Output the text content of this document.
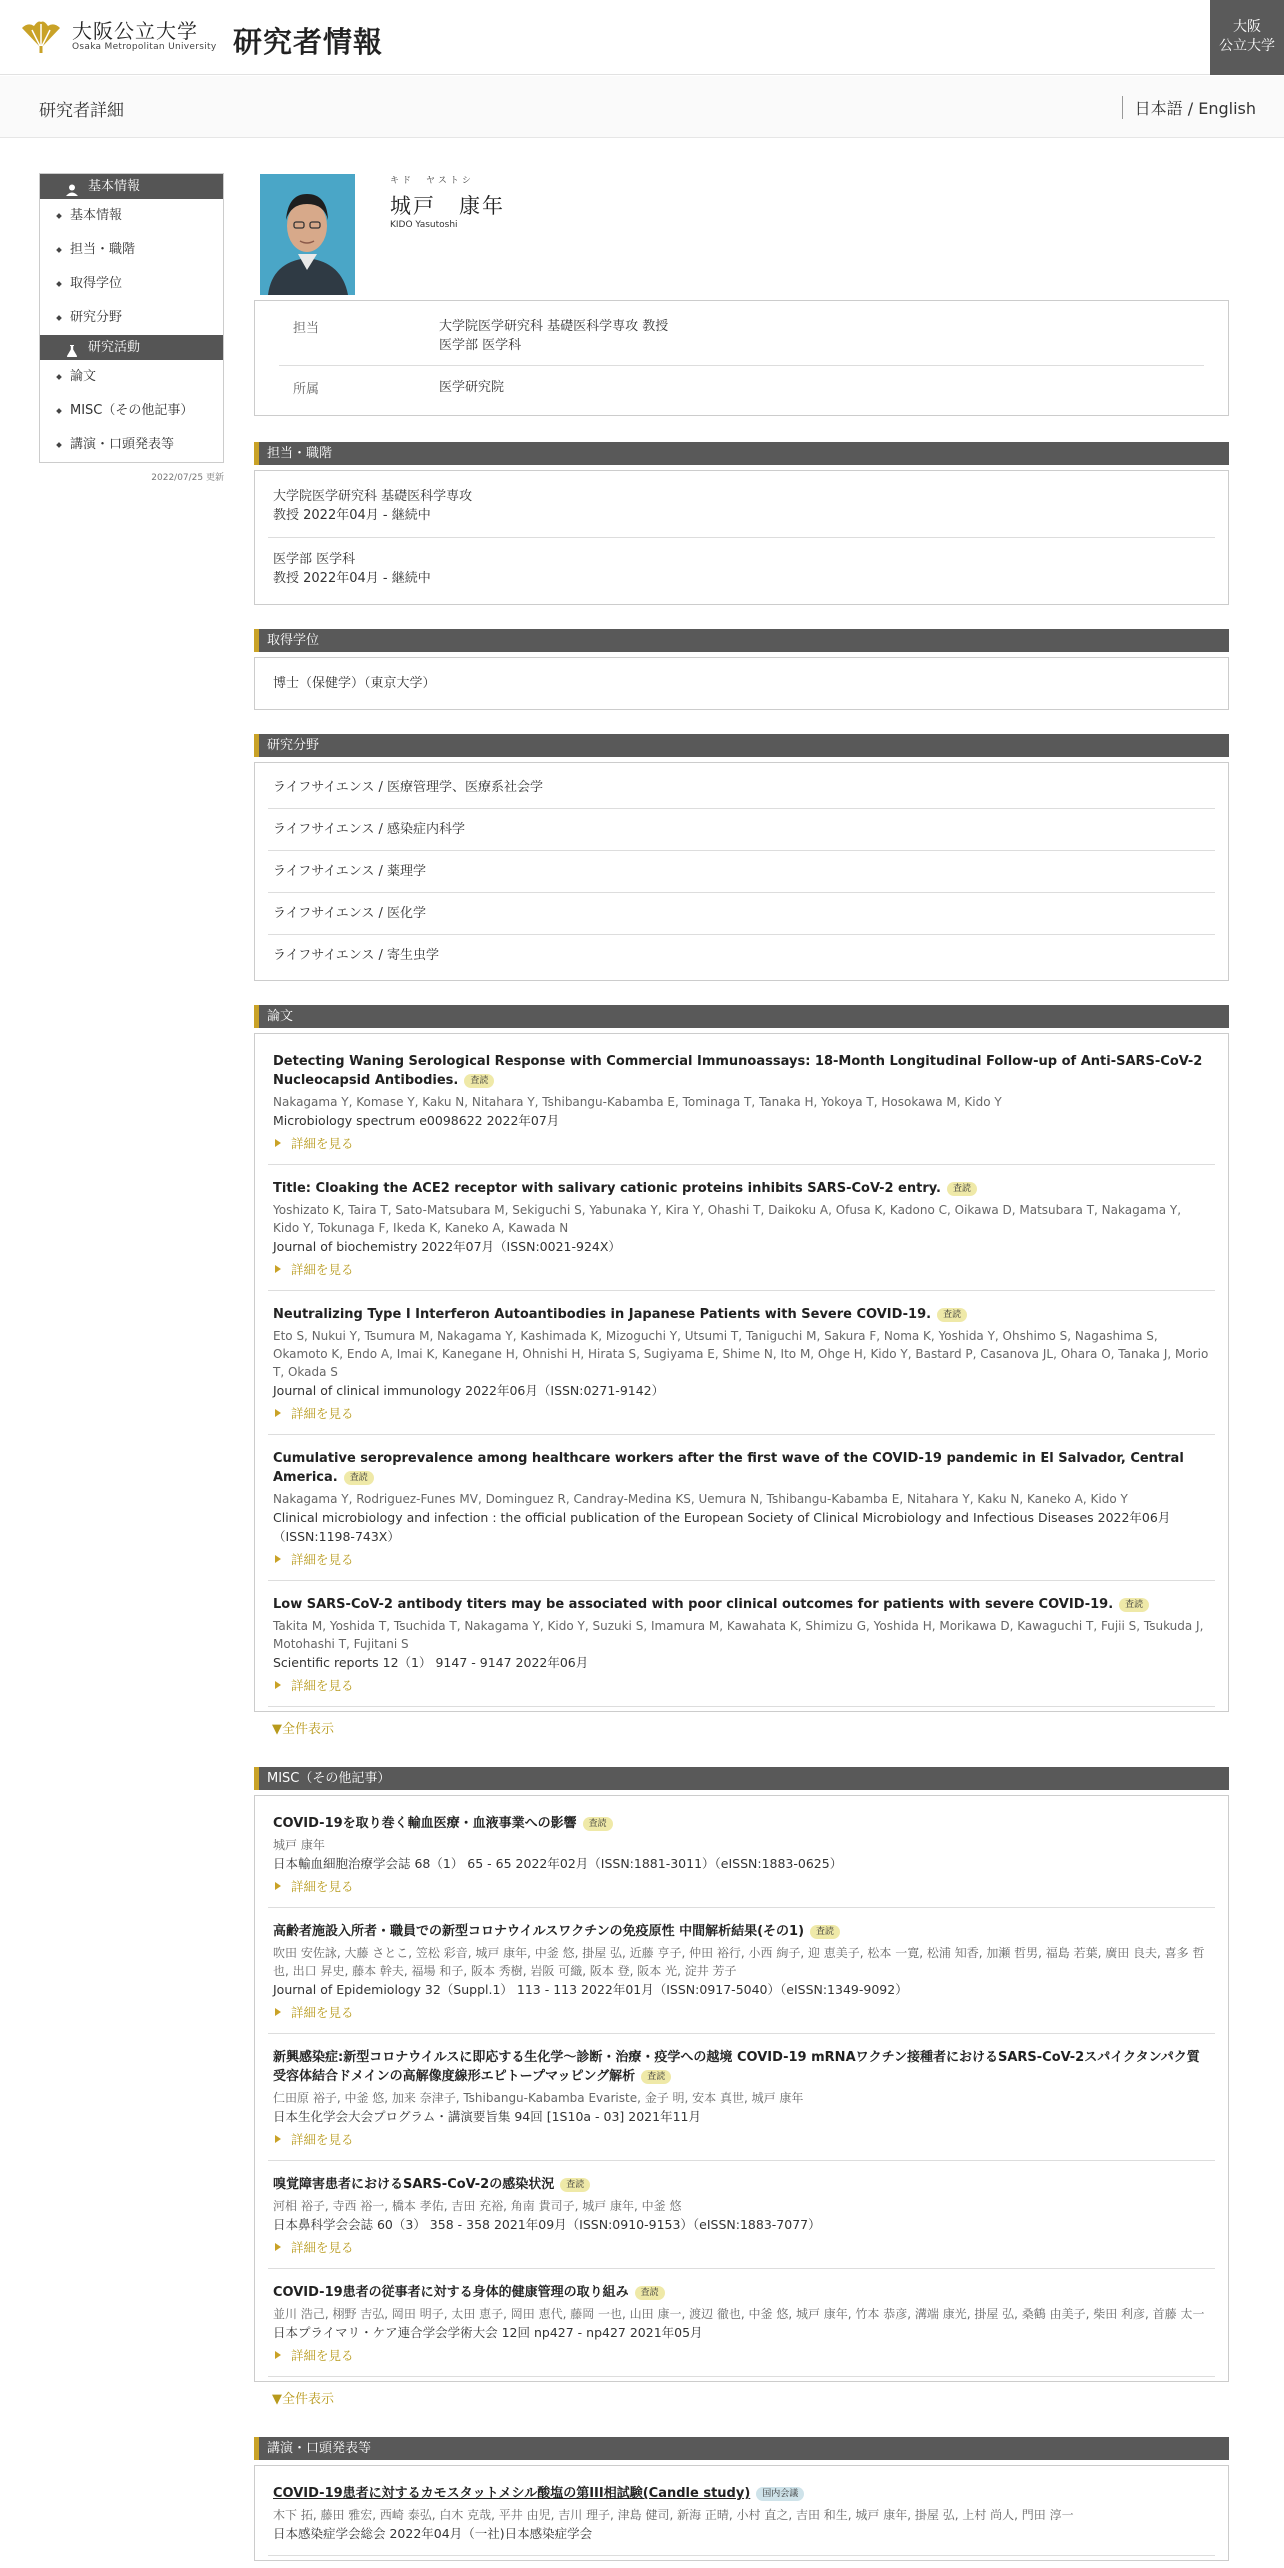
大阪公立大学
Osaka Metropolitan University 研究者情報	大阪
公立大学
研究者詳細	日本語 / English
基本情報
基本情報
担当・職階
取得学位
研究分野
研究活動
論文
MISC（その他記事）
講演・口頭発表等
2022/07/25 更新
キド　ヤストシ
城戸　康年
KIDO Yasutoshi
担当	大学院医学研究科 基礎医科学専攻 教授
医学部 医学科
所属	医学研究院
担当・職階
大学院医学研究科 基礎医科学専攻
教授 2022年04月 - 継続中
医学部 医学科
教授 2022年04月 - 継続中
取得学位
博士（保健学）（東京大学）
研究分野
ライフサイエンス / 医療管理学、医療系社会学
ライフサイエンス / 感染症内科学
ライフサイエンス / 薬理学
ライフサイエンス / 医化学
ライフサイエンス / 寄生虫学
論文
Detecting Waning Serological Response with Commercial Immunoassays: 18-Month Longitudinal Follow-up of Anti-SARS-CoV-2 Nucleocapsid Antibodies. 査読
Nakagama Y, Komase Y, Kaku N, Nitahara Y, Tshibangu-Kabamba E, Tominaga T, Tanaka H, Yokoya T, Hosokawa M, Kido Y
Microbiology spectrum e0098622 2022年07月
詳細を見る
Title: Cloaking the ACE2 receptor with salivary cationic proteins inhibits SARS-CoV-2 entry. 査読
Yoshizato K, Taira T, Sato-Matsubara M, Sekiguchi S, Yabunaka Y, Kira Y, Ohashi T, Daikoku A, Ofusa K, Kadono C, Oikawa D, Matsubara T, Nakagama Y, Kido Y, Tokunaga F, Ikeda K, Kaneko A, Kawada N
Journal of biochemistry 2022年07月（ISSN:0021-924X）
詳細を見る
Neutralizing Type I Interferon Autoantibodies in Japanese Patients with Severe COVID-19. 査読
Eto S, Nukui Y, Tsumura M, Nakagama Y, Kashimada K, Mizoguchi Y, Utsumi T, Taniguchi M, Sakura F, Noma K, Yoshida Y, Ohshimo S, Nagashima S, Okamoto K, Endo A, Imai K, Kanegane H, Ohnishi H, Hirata S, Sugiyama E, Shime N, Ito M, Ohge H, Kido Y, Bastard P, Casanova JL, Ohara O, Tanaka J, Morio T, Okada S
Journal of clinical immunology 2022年06月（ISSN:0271-9142）
詳細を見る
Cumulative seroprevalence among healthcare workers after the first wave of the COVID-19 pandemic in El Salvador, Central America. 査読
Nakagama Y, Rodriguez-Funes MV, Dominguez R, Candray-Medina KS, Uemura N, Tshibangu-Kabamba E, Nitahara Y, Kaku N, Kaneko A, Kido Y
Clinical microbiology and infection : the official publication of the European Society of Clinical Microbiology and Infectious Diseases 2022年06月（ISSN:1198-743X）
詳細を見る
Low SARS-CoV-2 antibody titers may be associated with poor clinical outcomes for patients with severe COVID-19. 査読
Takita M, Yoshida T, Tsuchida T, Nakagama Y, Kido Y, Suzuki S, Imamura M, Kawahata K, Shimizu G, Yoshida H, Morikawa D, Kawaguchi T, Fujii S, Tsukuda J, Motohashi T, Fujitani S
Scientific reports 12（1） 9147 - 9147 2022年06月
詳細を見る
▼全件表示
MISC（その他記事）
COVID-19を取り巻く輸血医療・血液事業への影響 査読
城戸 康年
日本輸血細胞治療学会誌 68（1） 65 - 65 2022年02月（ISSN:1881-3011）（eISSN:1883-0625）
詳細を見る
高齢者施設入所者・職員での新型コロナウイルスワクチンの免疫原性 中間解析結果(その1) 査読
吹田 安佐詠, 大藤 さとこ, 笠松 彩音, 城戸 康年, 中釜 悠, 掛屋 弘, 近藤 亨子, 仲田 裕行, 小西 絢子, 迎 恵美子, 松本 一寛, 松浦 知香, 加瀬 哲男, 福島 若葉, 廣田 良夫, 喜多 哲也, 出口 昇史, 藤本 幹夫, 福場 和子, 阪本 秀樹, 岩阪 可織, 阪本 登, 阪本 光, 淀井 芳子
Journal of Epidemiology 32（Suppl.1） 113 - 113 2022年01月（ISSN:0917-5040）（eISSN:1349-9092）
詳細を見る
新興感染症:新型コロナウイルスに即応する生化学〜診断・治療・疫学への越境 COVID-19 mRNAワクチン接種者におけるSARS-CoV-2スパイクタンパク質受容体結合ドメインの高解像度線形エピトープマッピング解析 査読
仁田原 裕子, 中釜 悠, 加来 奈津子, Tshibangu-Kabamba Evariste, 金子 明, 安本 真世, 城戸 康年
日本生化学会大会プログラム・講演要旨集 94回 [1S10a - 03] 2021年11月
詳細を見る
嗅覚障害患者におけるSARS-CoV-2の感染状況 査読
河相 裕子, 寺西 裕一, 橋本 孝佑, 吉田 充裕, 角南 貴司子, 城戸 康年, 中釜 悠
日本鼻科学会会誌 60（3） 358 - 358 2021年09月（ISSN:0910-9153）（eISSN:1883-7077）
詳細を見る
COVID-19患者の従事者に対する身体的健康管理の取り組み 査読
並川 浩己, 栩野 吉弘, 岡田 明子, 太田 恵子, 岡田 恵代, 藤岡 一也, 山田 康一, 渡辺 徹也, 中釜 悠, 城戸 康年, 竹本 恭彦, 溝端 康光, 掛屋 弘, 桑鶴 由美子, 柴田 利彦, 首藤 太一
日本プライマリ・ケア連合学会学術大会 12回 np427 - np427 2021年05月
詳細を見る
▼全件表示
講演・口頭発表等
COVID-19患者に対するカモスタットメシル酸塩の第III相試験(Candle study) 国内会議
木下 拓, 藤田 雅宏, 西崎 泰弘, 白木 克哉, 平井 由児, 吉川 理子, 津島 健司, 新海 正晴, 小村 直之, 吉田 和生, 城戸 康年, 掛屋 弘, 上村 尚人, 門田 淳一
日本感染症学会総会 2022年04月（一社)日本感染症学会
